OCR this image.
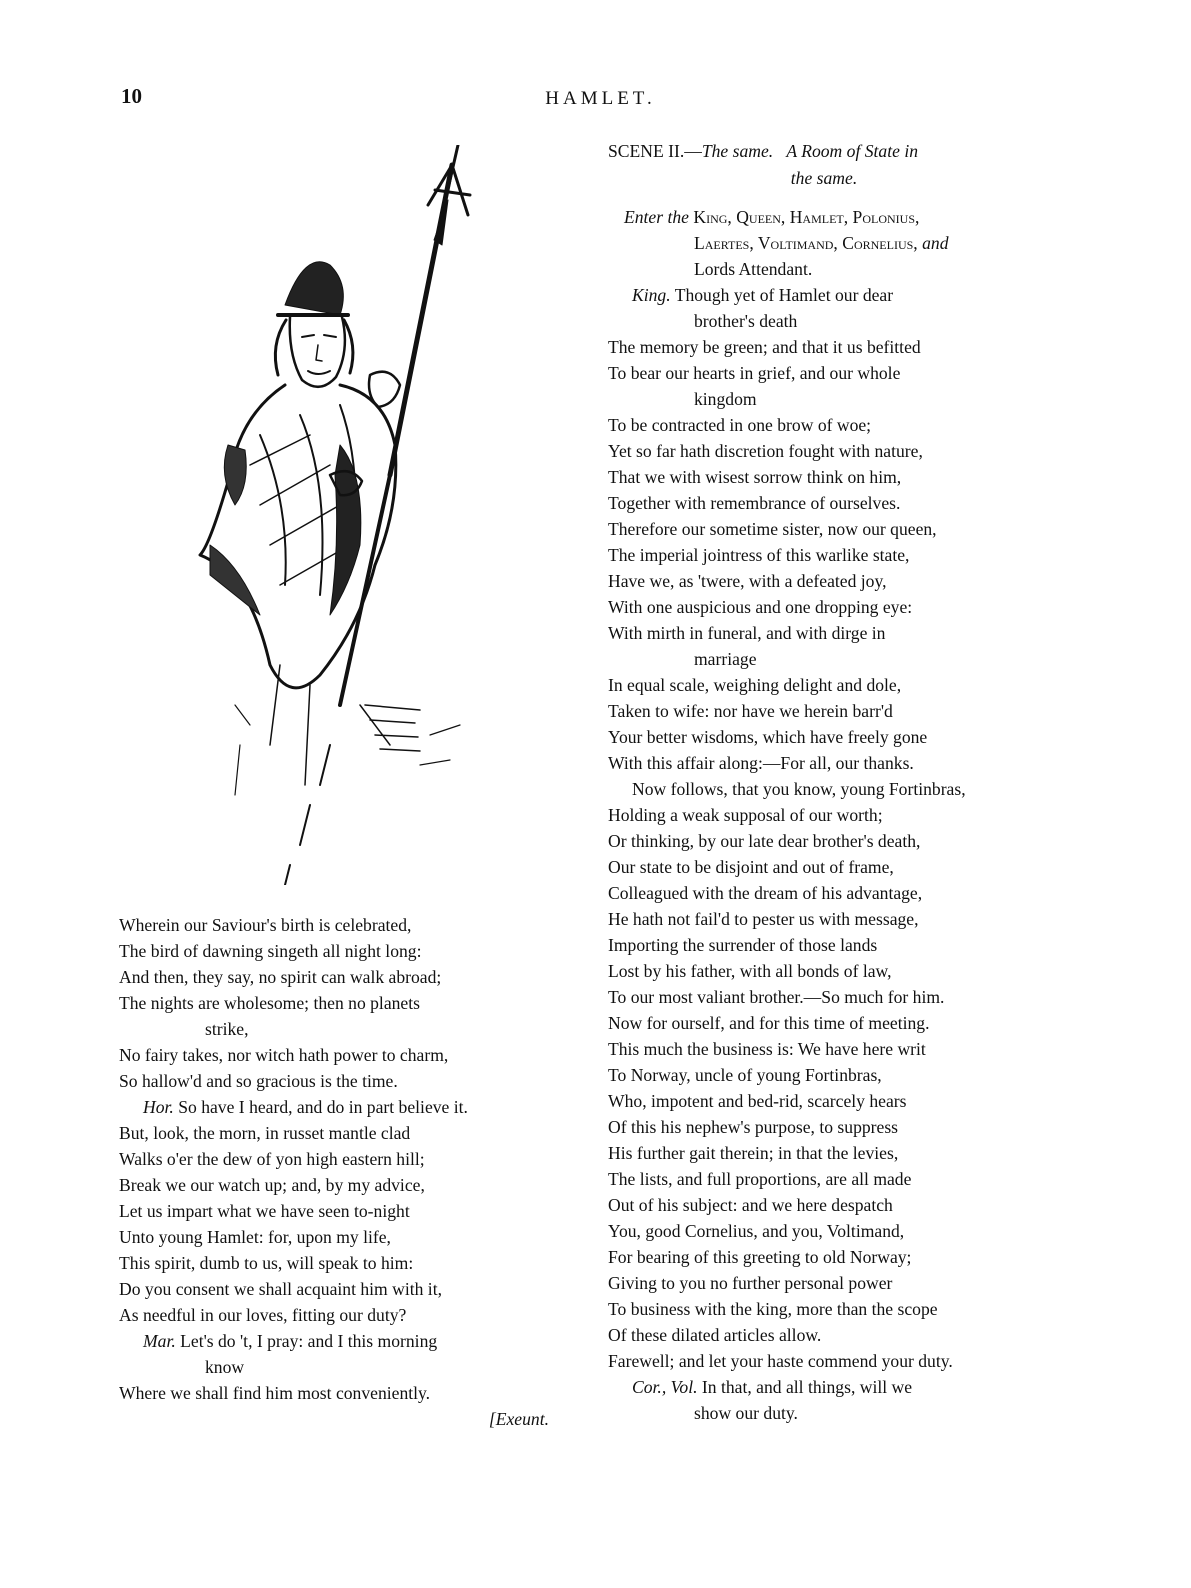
10	HAMLET.
Wherein our Saviour's birth is celebrated,
The bird of dawning singeth all night long:
And then, they say, no spirit can walk abroad;
The nights are wholesome; then no planets
strike,
No fairy takes, nor witch hath power to charm,
So hallow'd and so gracious is the time.
Hor. So have I heard, and do in part believe it.
But, look, the morn, in russet mantle clad
Walks o'er the dew of yon high eastern hill;
Break we our watch up; and, by my advice,
Let us impart what we have seen to-night
Unto young Hamlet: for, upon my life,
This spirit, dumb to us, will speak to him:
Do you consent we shall acquaint him with it,
As needful in our loves, fitting our duty?
Mar. Let's do 't, I pray: and I this morning
know
Where we shall find him most conveniently.
[Exeunt.
SCENE II.—The same. A Room of State in
the same.
Enter the King, Queen, Hamlet, Polonius,
Laertes, Voltimand, Cornelius, and
Lords Attendant.
King. Though yet of Hamlet our dear
brother's death
The memory be green; and that it us befitted
To bear our hearts in grief, and our whole
kingdom
To be contracted in one brow of woe;
Yet so far hath discretion fought with nature,
That we with wisest sorrow think on him,
Together with remembrance of ourselves.
Therefore our sometime sister, now our queen,
The imperial jointress of this warlike state,
Have we, as 'twere, with a defeated joy,
With one auspicious and one dropping eye:
With mirth in funeral, and with dirge in
marriage
In equal scale, weighing delight and dole,
Taken to wife: nor have we herein barr'd
Your better wisdoms, which have freely gone
With this affair along:—For all, our thanks.
Now follows, that you know, young Fortinbras,
Holding a weak supposal of our worth;
Or thinking, by our late dear brother's death,
Our state to be disjoint and out of frame,
Colleagued with the dream of his advantage,
He hath not fail'd to pester us with message,
Importing the surrender of those lands
Lost by his father, with all bonds of law,
To our most valiant brother.—So much for him.
Now for ourself, and for this time of meeting.
This much the business is: We have here writ
To Norway, uncle of young Fortinbras,
Who, impotent and bed-rid, scarcely hears
Of this his nephew's purpose, to suppress
His further gait therein; in that the levies,
The lists, and full proportions, are all made
Out of his subject: and we here despatch
You, good Cornelius, and you, Voltimand,
For bearing of this greeting to old Norway;
Giving to you no further personal power
To business with the king, more than the scope
Of these dilated articles allow.
Farewell; and let your haste commend your duty.
Cor., Vol. In that, and all things, will we
show our duty.
